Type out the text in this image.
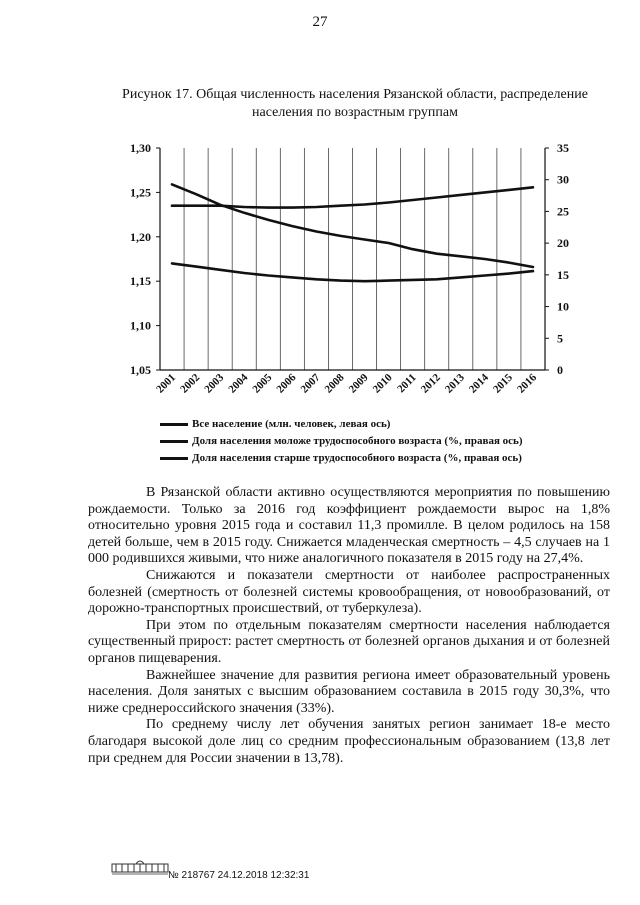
27
Рисунок 17. Общая численность населения Рязанской области, распределение
населения по возрастным группам
1,05
1,10
1,15
1,20
1,25
1,30
0
5
10
15
20
25
30
35
2001 2002 2003 2004 2005 2006 2007 2008 2009 2010 2011 2012 2013 2014 2015 2016
Все население (млн. человек, левая ось)
Доля населения моложе трудоспособного возраста (%, правая ось)
Доля населения старше трудоспособного возраста (%, правая ось)

В Рязанской области активно осуществляются мероприятия по повышению рождаемости. Только за 2016 год коэффициент рождаемости вырос на 1,8% относительно уровня 2015 года и составил 11,3 промилле. В целом родилось на 158 детей больше, чем в 2015 году. Снижается младенческая смертность – 4,5 случаев на 1 000 родившихся живыми, что ниже аналогичного показателя в 2015 году на 27,4%.

Снижаются и показатели смертности от наиболее распространенных болезней (смертность от болезней системы кровообращения, от новообразований, от дорожно-транспортных происшествий, от туберкулеза).

При этом по отдельным показателям смертности населения наблюдается существенный прирост: растет смертность от болезней органов дыхания и от болезней органов пищеварения.

Важнейшее значение для развития региона имеет образовательный уровень населения. Доля занятых с высшим образованием составила в 2015 году 30,3%, что ниже среднероссийского значения (33%).

По среднему числу лет обучения занятых регион занимает 18-е место благодаря высокой доле лиц со средним профессиональным образованием (13,8 лет при среднем для России значении в 13,78).

№ 218767 24.12.2018 12:32:31
